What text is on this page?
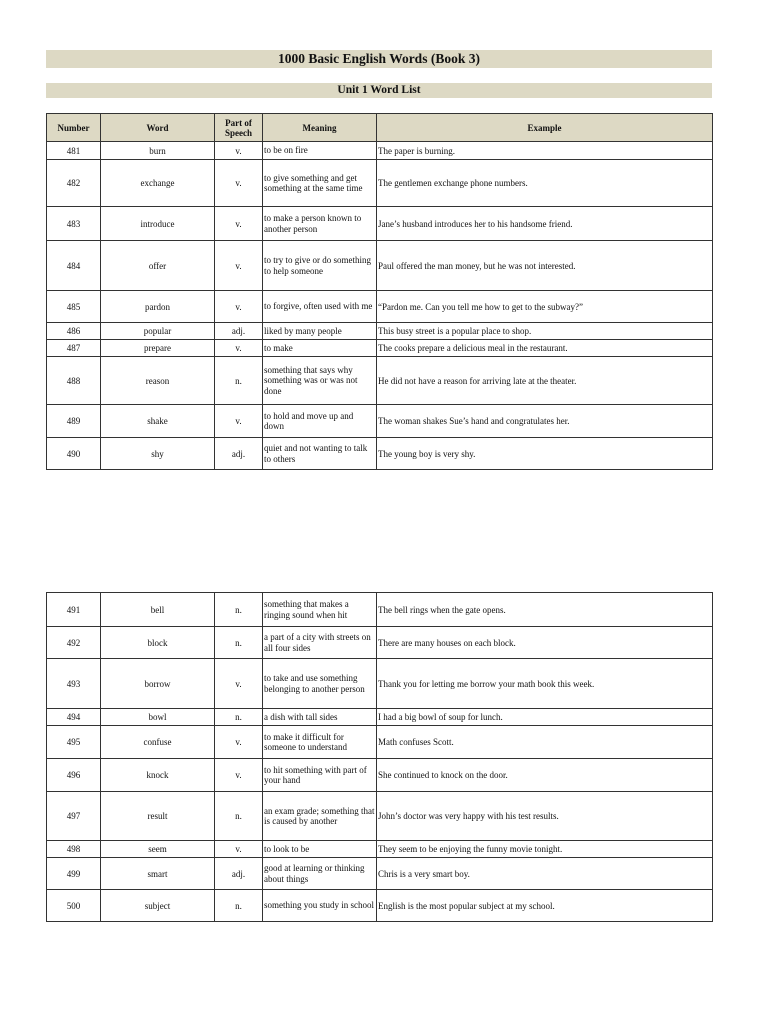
1000 Basic English Words (Book 3)
Unit 1 Word List
Number	Word	Part of Speech	Meaning	Example
481	burn	v.	to be on fire	The paper is burning.
482	exchange	v.	to give something and get something at the same time	The gentlemen exchange phone numbers.
483	introduce	v.	to make a person known to another person	Jane’s husband introduces her to his handsome friend.
484	offer	v.	to try to give or do something to help someone	Paul offered the man money, but he was not interested.
485	pardon	v.	to forgive, often used with me	“Pardon me. Can you tell me how to get to the subway?”
486	popular	adj.	liked by many people	This busy street is a popular place to shop.
487	prepare	v.	to make	The cooks prepare a delicious meal in the restaurant.
488	reason	n.	something that says why something was or was not done	He did not have a reason for arriving late at the theater.
489	shake	v.	to hold and move up and down	The woman shakes Sue’s hand and congratulates her.
490	shy	adj.	quiet and not wanting to talk to others	The young boy is very shy.
491	bell	n.	something that makes a ringing sound when hit	The bell rings when the gate opens.
492	block	n.	a part of a city with streets on all four sides	There are many houses on each block.
493	borrow	v.	to take and use something belonging to another person	Thank you for letting me borrow your math book this week.
494	bowl	n.	a dish with tall sides	I had a big bowl of soup for lunch.
495	confuse	v.	to make it difficult for someone to understand	Math confuses Scott.
496	knock	v.	to hit something with part of your hand	She continued to knock on the door.
497	result	n.	an exam grade; something that is caused by another	John’s doctor was very happy with his test results.
498	seem	v.	to look to be	They seem to be enjoying the funny movie tonight.
499	smart	adj.	good at learning or thinking about things	Chris is a very smart boy.
500	subject	n.	something you study in school	English is the most popular subject at my school.
